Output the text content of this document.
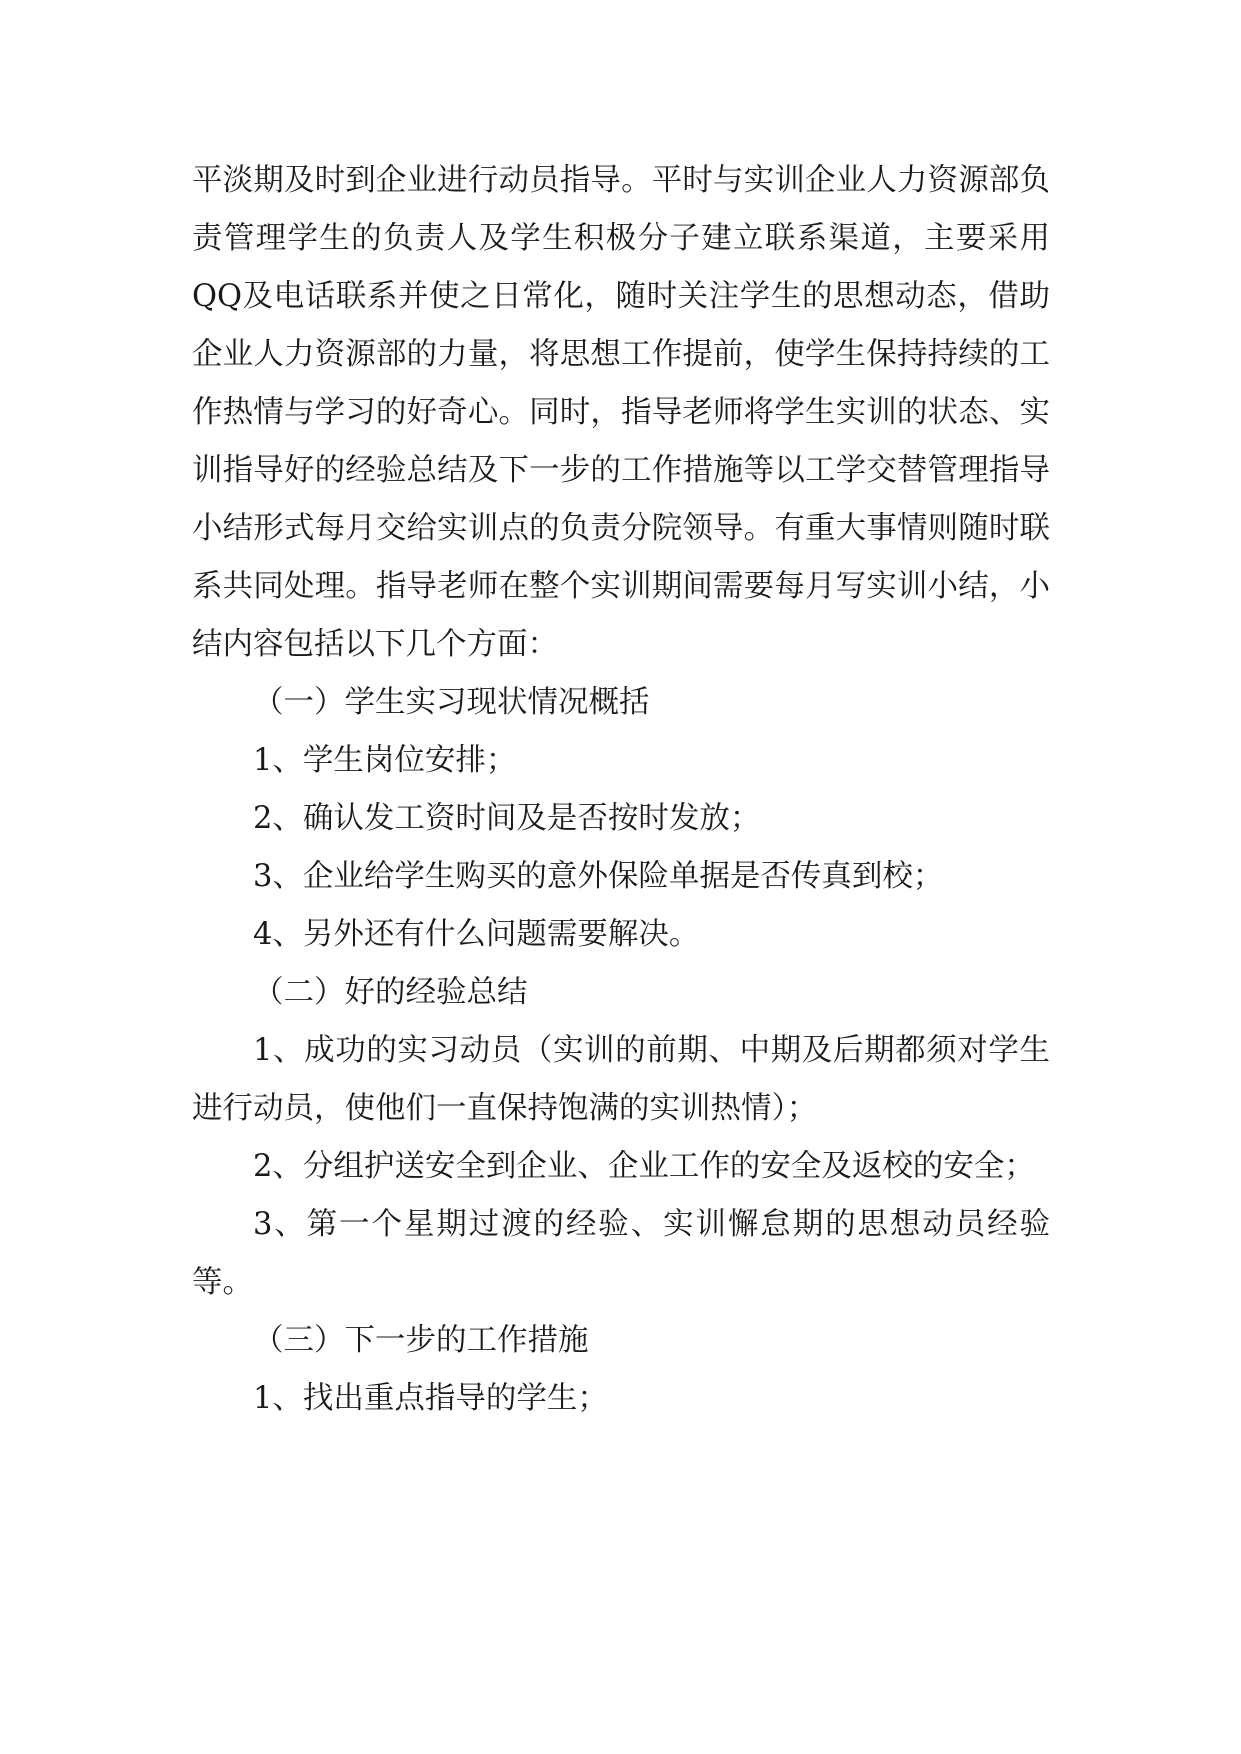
平淡期及时到企业进行动员指导。平时与实训企业人力资源部负责管理学生的负责人及学生积极分子建立联系渠道，主要采用QQ及电话联系并使之日常化，随时关注学生的思想动态，借助企业人力资源部的力量，将思想工作提前，使学生保持持续的工作热情与学习的好奇心。同时，指导老师将学生实训的状态、实训指导好的经验总结及下一步的工作措施等以工学交替管理指导小结形式每月交给实训点的负责分院领导。有重大事情则随时联系共同处理。指导老师在整个实训期间需要每月写实训小结，小结内容包括以下几个方面：

（一）学生实习现状情况概括

1、学生岗位安排；

2、确认发工资时间及是否按时发放；

3、企业给学生购买的意外保险单据是否传真到校；

4、另外还有什么问题需要解决。

（二）好的经验总结

1、成功的实习动员（实训的前期、中期及后期都须对学生进行动员，使他们一直保持饱满的实训热情）；

2、分组护送安全到企业、企业工作的安全及返校的安全；

3、第一个星期过渡的经验、实训懈怠期的思想动员经验等。

（三）下一步的工作措施

1、找出重点指导的学生；
